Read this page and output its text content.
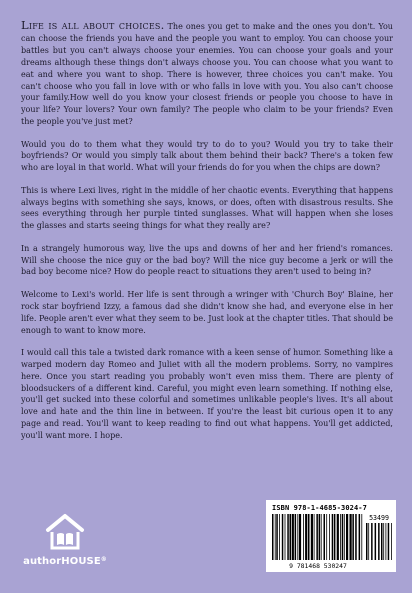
Life is all about choices. The ones you get to make and the ones you don't. You can choose the friends you have and the people you want to employ. You can choose your battles but you can't always choose your enemies. You can choose your goals and your dreams although these things don't always choose you. You can choose what you want to eat and where you want to shop. There is however, three choices you can't make. You can't choose who you fall in love with or who falls in love with you. You also can't choose your family.How well do you know your closest friends or people you choose to have in your life? Your lovers? Your own family? The people who claim to be your friends? Even the people you've just met?

Would you do to them what they would try to do to you? Would you try to take their boyfriends? Or would you simply talk about them behind their back? There's a token few who are loyal in that world. What will your friends do for you when the chips are down?

This is where Lexi lives, right in the middle of her chaotic events. Everything that happens always begins with something she says, knows, or does, often with disastrous results. She sees everything through her purple tinted sunglasses. What will happen when she loses the glasses and starts seeing things for what they really are?

In a strangely humorous way, live the ups and downs of her and her friend's romances. Will she choose the nice guy or the bad boy? Will the nice guy become a jerk or will the bad boy become nice? How do people react to situations they aren't used to being in?

Welcome to Lexi's world. Her life is sent through a wringer with 'Church Boy' Blaine, her rock star boyfriend Izzy, a famous dad she didn't know she had, and everyone else in her life. People aren't ever what they seem to be. Just look at the chapter titles. That should be enough to want to know more.

I would call this tale a twisted dark romance with a keen sense of humor. Something like a warped modern day Romeo and Juliet with all the modern problems. Sorry, no vampires here. Once you start reading you probably won't even miss them. There are plenty of bloodsuckers of a different kind. Careful, you might even learn something. If nothing else, you'll get sucked into these colorful and sometimes unlikable people's lives. It's all about love and hate and the thin line in between. If you're the least bit curious open it to any page and read. You'll want to keep reading to find out what happens. You'll get addicted, you'll want more. I hope.

authorHOUSE®
ISBN 978-1-4685-3024-7
53499
9 781468 530247
